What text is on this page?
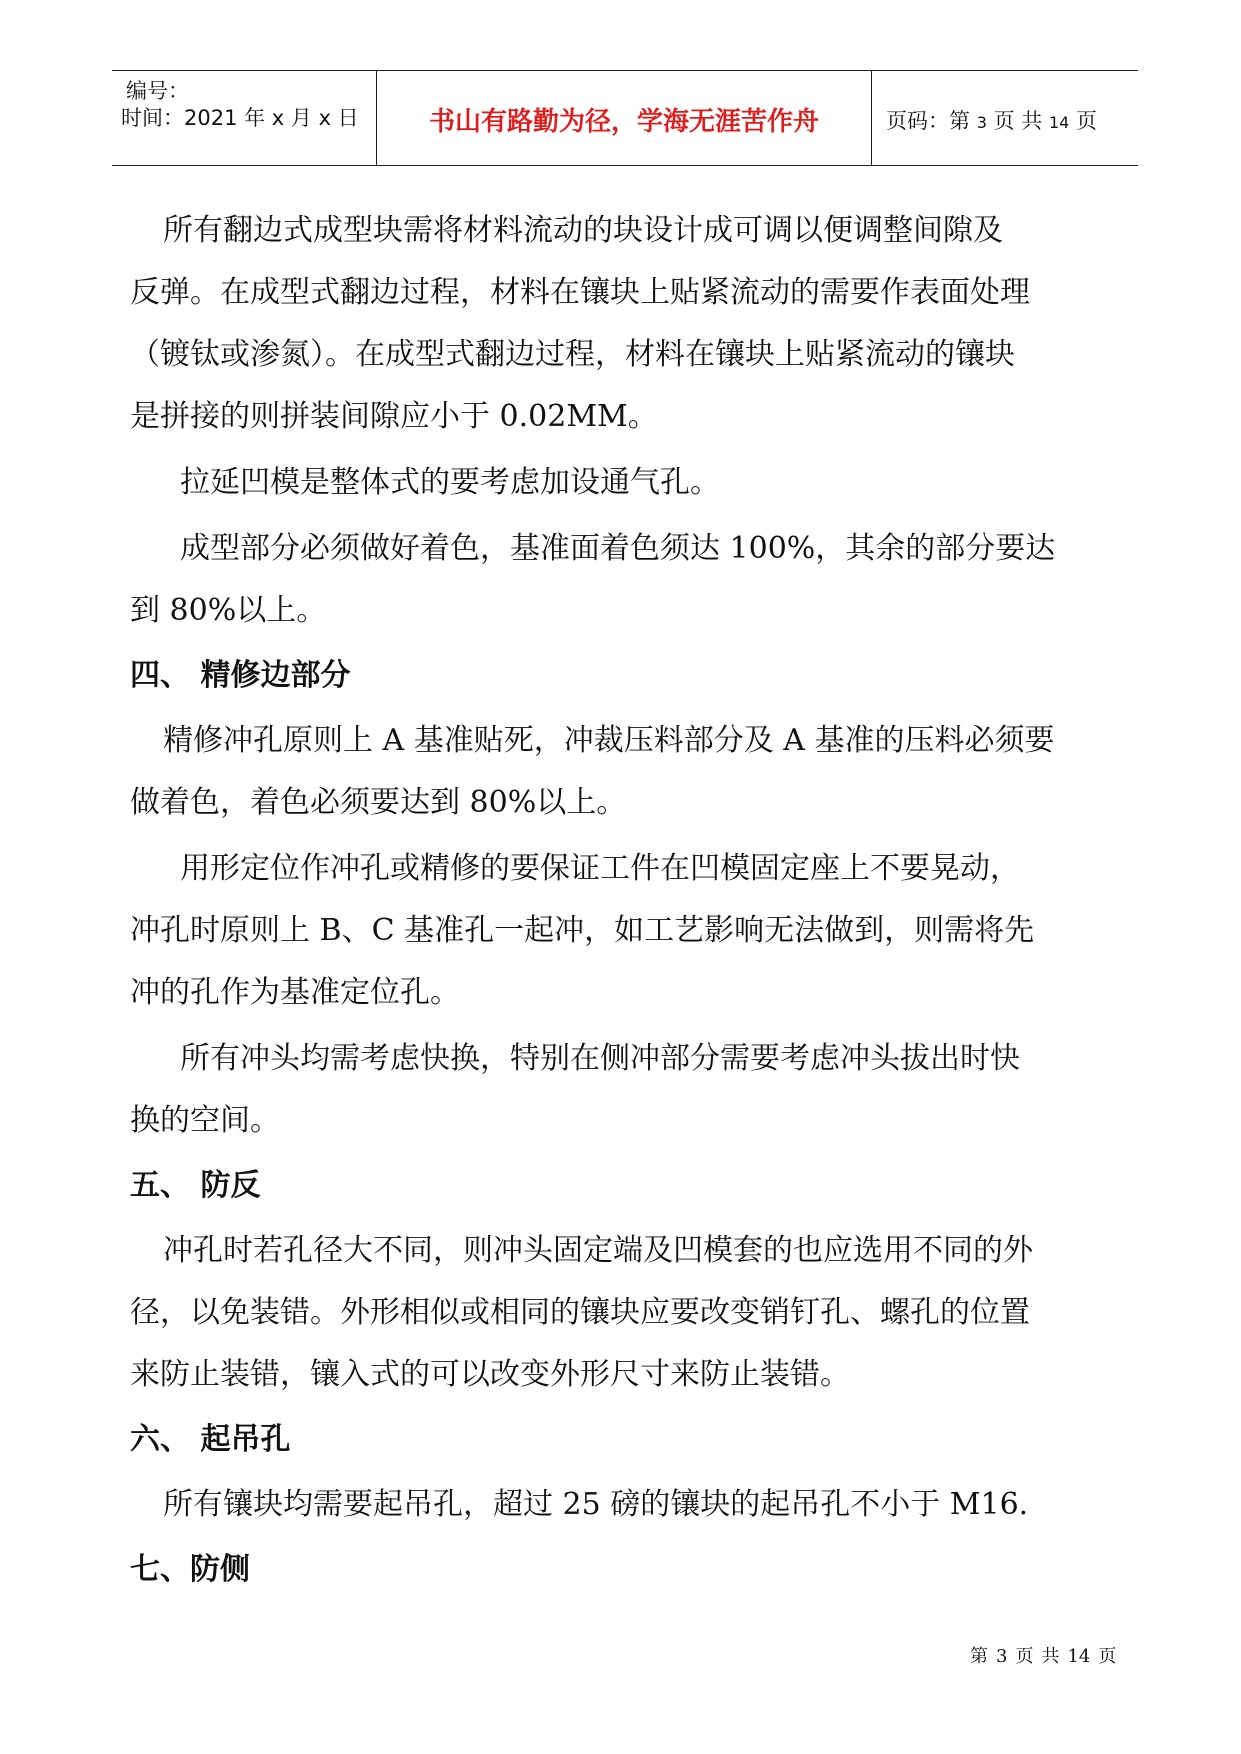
编号：
时间：2021 年 x 月 x 日	书山有路勤为径，学海无涯苦作舟	页码：第 3 页 共 14 页
所有翻边式成型块需将材料流动的块设计成可调以便调整间隙及
反弹。在成型式翻边过程，材料在镶块上贴紧流动的需要作表面处理
（镀钛或渗氮）。在成型式翻边过程，材料在镶块上贴紧流动的镶块
是拼接的则拼装间隙应小于 0.02MM。
拉延凹模是整体式的要考虑加设通气孔。
成型部分必须做好着色，基准面着色须达 100%，其余的部分要达
到 80%以上。
四、 精修边部分
精修冲孔原则上 A 基准贴死，冲裁压料部分及 A 基准的压料必须要
做着色，着色必须要达到 80%以上。
用形定位作冲孔或精修的要保证工件在凹模固定座上不要晃动，
冲孔时原则上 B、C 基准孔一起冲，如工艺影响无法做到，则需将先
冲的孔作为基准定位孔。
所有冲头均需考虑快换，特别在侧冲部分需要考虑冲头拔出时快
换的空间。
五、 防反
冲孔时若孔径大不同，则冲头固定端及凹模套的也应选用不同的外
径，以免装错。外形相似或相同的镶块应要改变销钉孔、螺孔的位置
来防止装错，镶入式的可以改变外形尺寸来防止装错。
六、 起吊孔
所有镶块均需要起吊孔，超过 25 磅的镶块的起吊孔不小于 M16.
七、防侧
第 3 页 共 14 页
